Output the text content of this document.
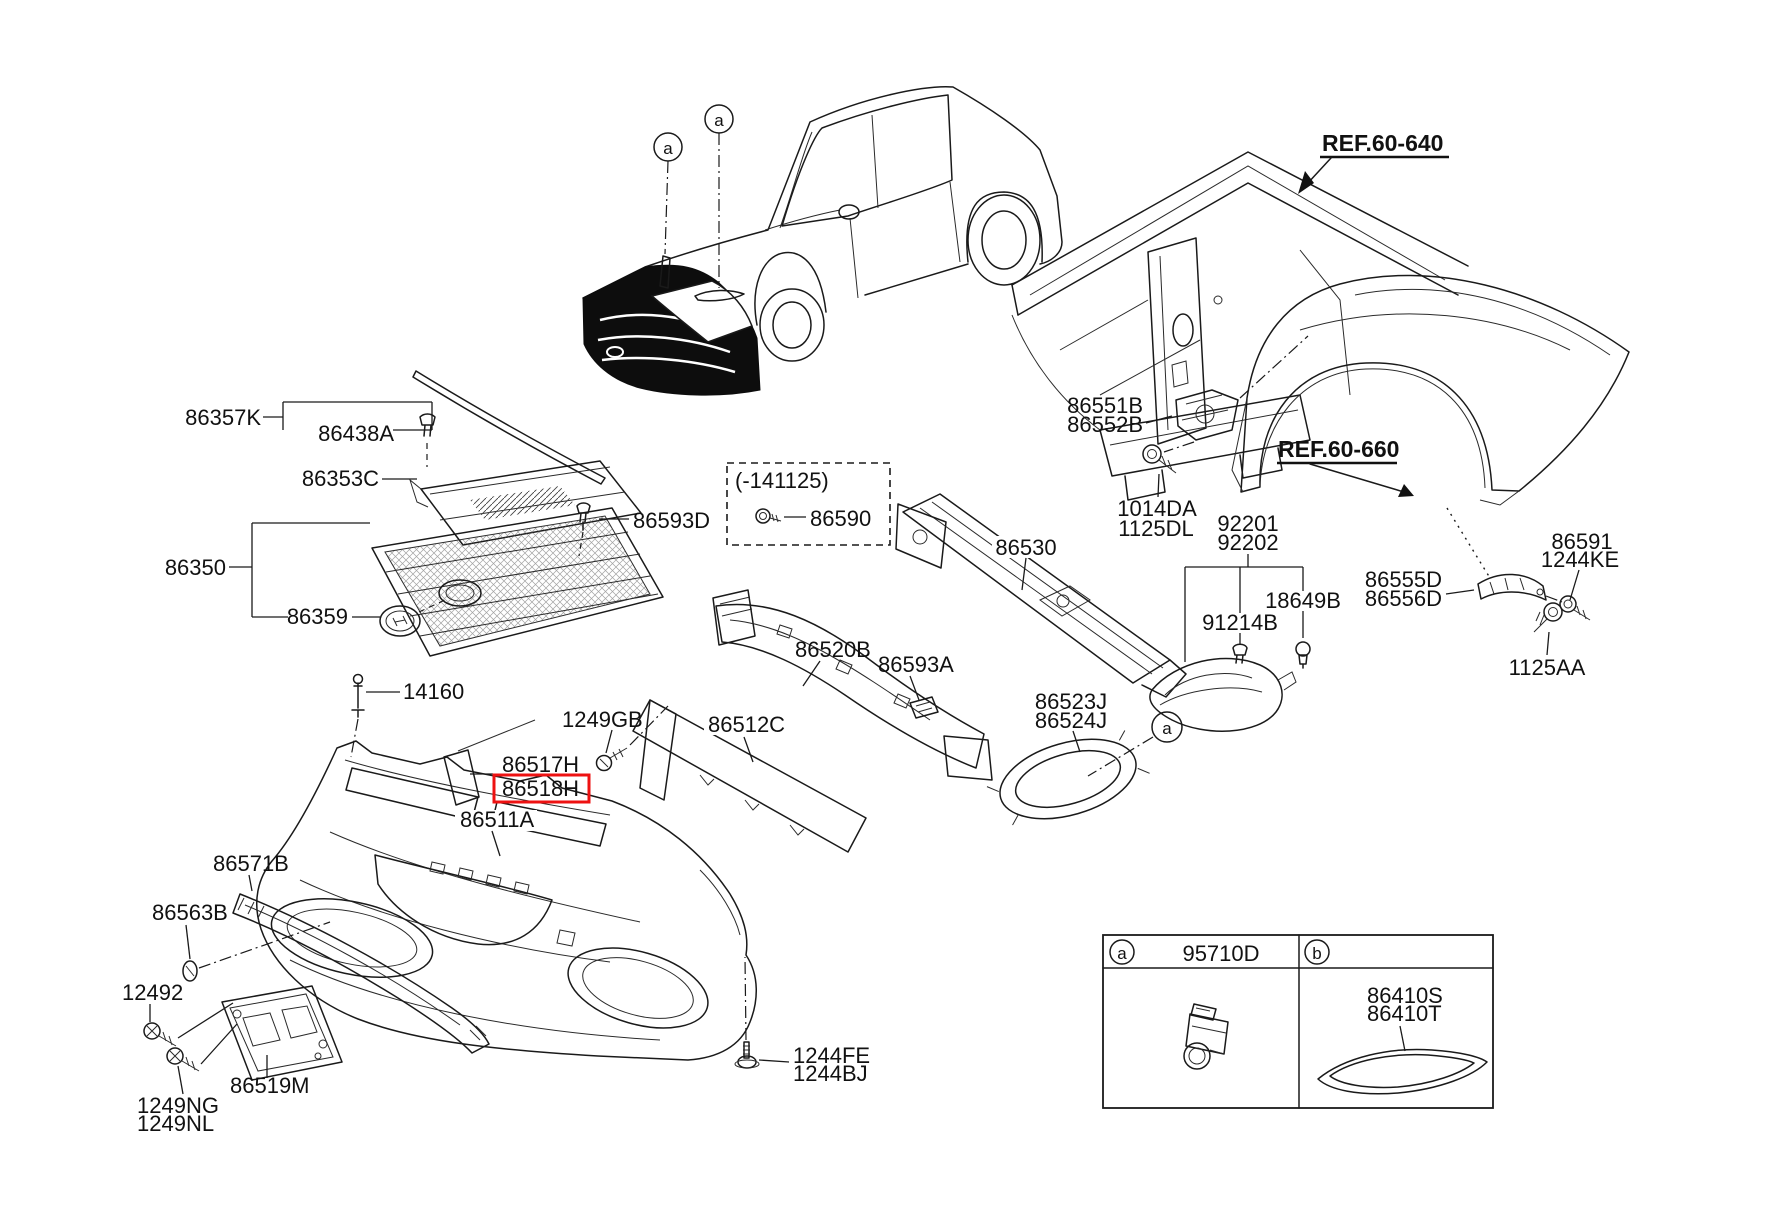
a
a
REF.60-640
REF.60-660
86357K
86438A
86353C
86350
86359
86593D
(-141125)
86590
86530
86551B
86552B
1014DA
1125DL 92201
92202
18649B
91214B
86555D
86556D
86591
1244KE
1125AA
86520B
86593A
86512C
86523J
86524J	a
86511A
14160
86517H
86518H
1249GB
86571B
86563B
86519M
12492
1249NG
1249NL
1244FE
1244BJ
a	95710D	b
86410S
86410T
